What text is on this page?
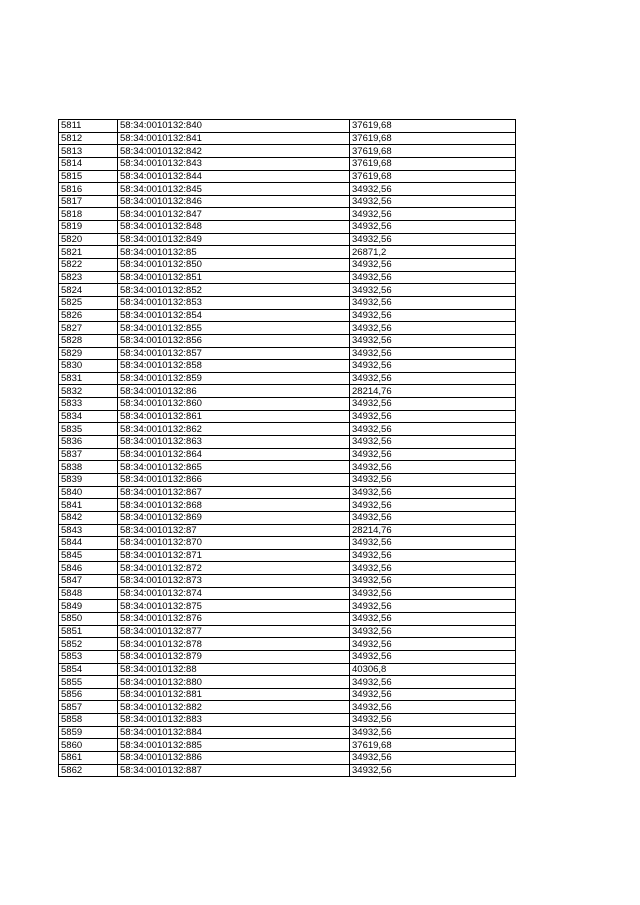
5811	58:34:0010132:840	37619,68
5812	58:34:0010132:841	37619,68
5813	58:34:0010132:842	37619,68
5814	58:34:0010132:843	37619,68
5815	58:34:0010132:844	37619,68
5816	58:34:0010132:845	34932,56
5817	58:34:0010132:846	34932,56
5818	58:34:0010132:847	34932,56
5819	58:34:0010132:848	34932,56
5820	58:34:0010132:849	34932,56
5821	58:34:0010132:85	26871,2
5822	58:34:0010132:850	34932,56
5823	58:34:0010132:851	34932,56
5824	58:34:0010132:852	34932,56
5825	58:34:0010132:853	34932,56
5826	58:34:0010132:854	34932,56
5827	58:34:0010132:855	34932,56
5828	58:34:0010132:856	34932,56
5829	58:34:0010132:857	34932,56
5830	58:34:0010132:858	34932,56
5831	58:34:0010132:859	34932,56
5832	58:34:0010132:86	28214,76
5833	58:34:0010132:860	34932,56
5834	58:34:0010132:861	34932,56
5835	58:34:0010132:862	34932,56
5836	58:34:0010132:863	34932,56
5837	58:34:0010132:864	34932,56
5838	58:34:0010132:865	34932,56
5839	58:34:0010132:866	34932,56
5840	58:34:0010132:867	34932,56
5841	58:34:0010132:868	34932,56
5842	58:34:0010132:869	34932,56
5843	58:34:0010132:87	28214,76
5844	58:34:0010132:870	34932,56
5845	58:34:0010132:871	34932,56
5846	58:34:0010132:872	34932,56
5847	58:34:0010132:873	34932,56
5848	58:34:0010132:874	34932,56
5849	58:34:0010132:875	34932,56
5850	58:34:0010132:876	34932,56
5851	58:34:0010132:877	34932,56
5852	58:34:0010132:878	34932,56
5853	58:34:0010132:879	34932,56
5854	58:34:0010132:88	40306,8
5855	58:34:0010132:880	34932,56
5856	58:34:0010132:881	34932,56
5857	58:34:0010132:882	34932,56
5858	58:34:0010132:883	34932,56
5859	58:34:0010132:884	34932,56
5860	58:34:0010132:885	37619,68
5861	58:34:0010132:886	34932,56
5862	58:34:0010132:887	34932,56
